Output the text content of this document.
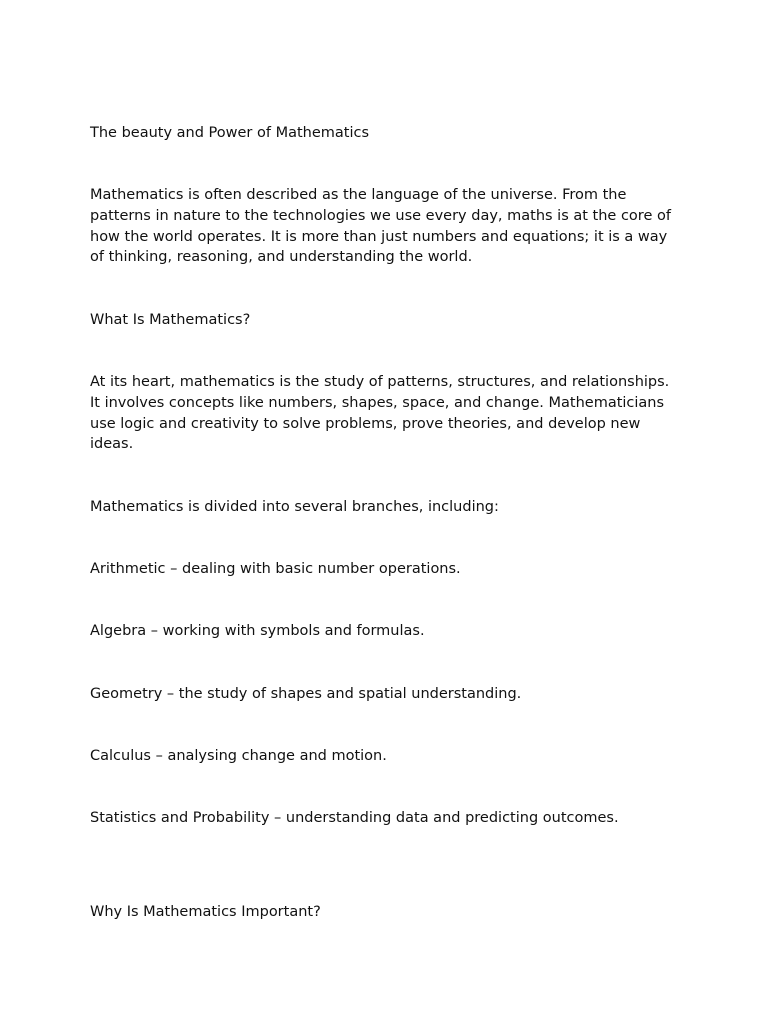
The beauty and Power of Mathematics

Mathematics is often described as the language of the universe. From the patterns in nature to the technologies we use every day, maths is at the core of how the world operates. It is more than just numbers and equations; it is a way of thinking, reasoning, and understanding the world.

What Is Mathematics?

At its heart, mathematics is the study of patterns, structures, and relationships. It involves concepts like numbers, shapes, space, and change. Mathematicians use logic and creativity to solve problems, prove theories, and develop new ideas.

Mathematics is divided into several branches, including:

Arithmetic – dealing with basic number operations.

Algebra – working with symbols and formulas.

Geometry – the study of shapes and spatial understanding.

Calculus – analysing change and motion.

Statistics and Probability – understanding data and predicting outcomes.

Why Is Mathematics Important?
